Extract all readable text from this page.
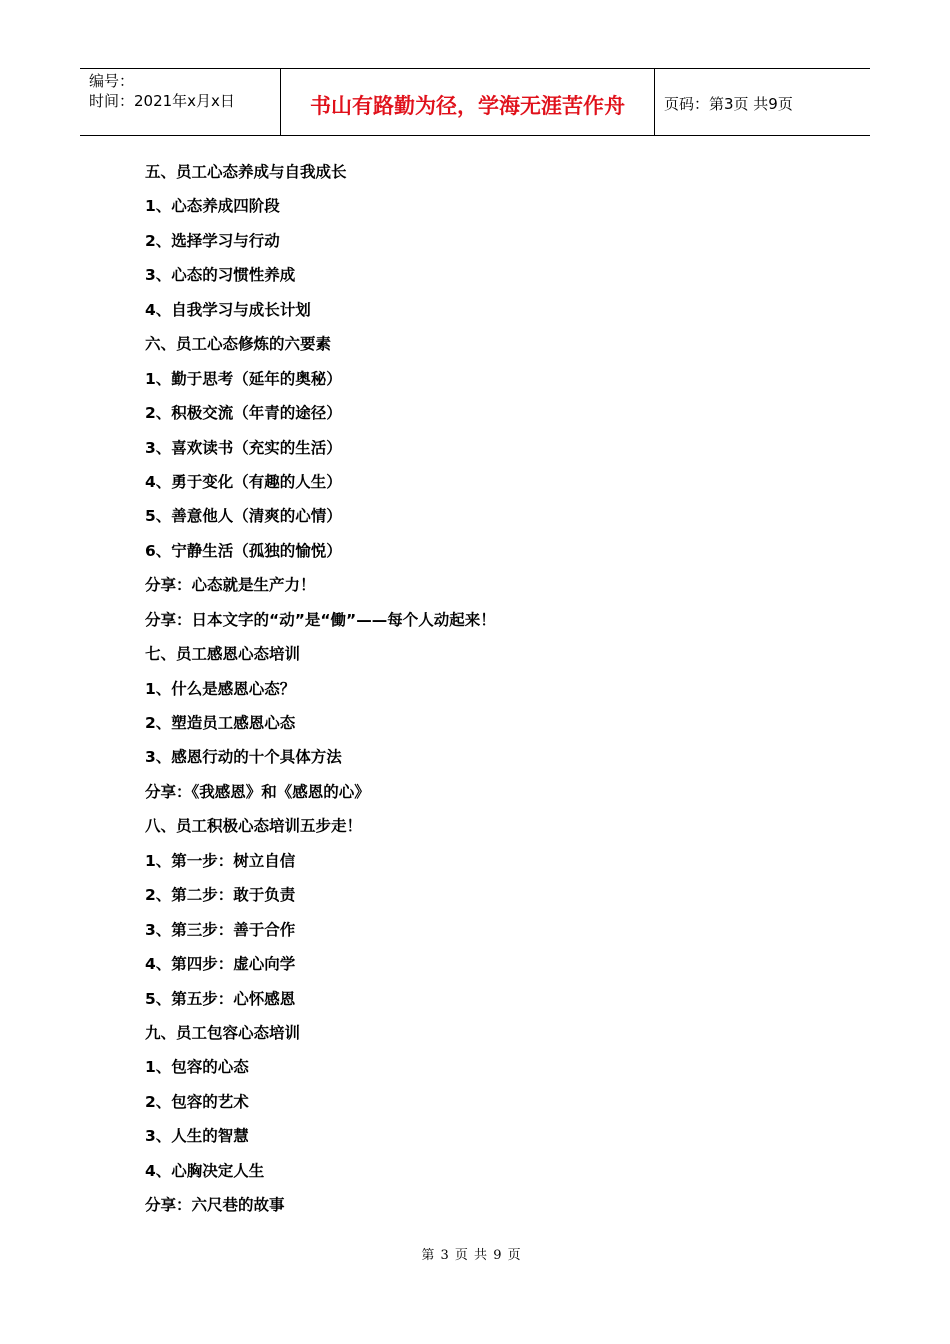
编号：
时间：2021年x月x日	书山有路勤为径，学海无涯苦作舟	页码：第3页 共9页
五、员工心态养成与自我成长
1、心态养成四阶段
2、选择学习与行动
3、心态的习惯性养成
4、自我学习与成长计划
六、员工心态修炼的六要素
1、勤于思考（延年的奥秘）
2、积极交流（年青的途径）
3、喜欢读书（充实的生活）
4、勇于变化（有趣的人生）
5、善意他人（清爽的心情）
6、宁静生活（孤独的愉悦）
分享：心态就是生产力！
分享：日本文字的“动”是“働”——每个人动起来！
七、员工感恩心态培训
1、什么是感恩心态？
2、塑造员工感恩心态
3、感恩行动的十个具体方法
分享：《我感恩》和《感恩的心》
八、员工积极心态培训五步走！
1、第一步：树立自信
2、第二步：敢于负责
3、第三步：善于合作
4、第四步：虚心向学
5、第五步：心怀感恩
九、员工包容心态培训
1、包容的心态
2、包容的艺术
3、人生的智慧
4、心胸决定人生
分享：六尺巷的故事
第 3 页 共 9 页
